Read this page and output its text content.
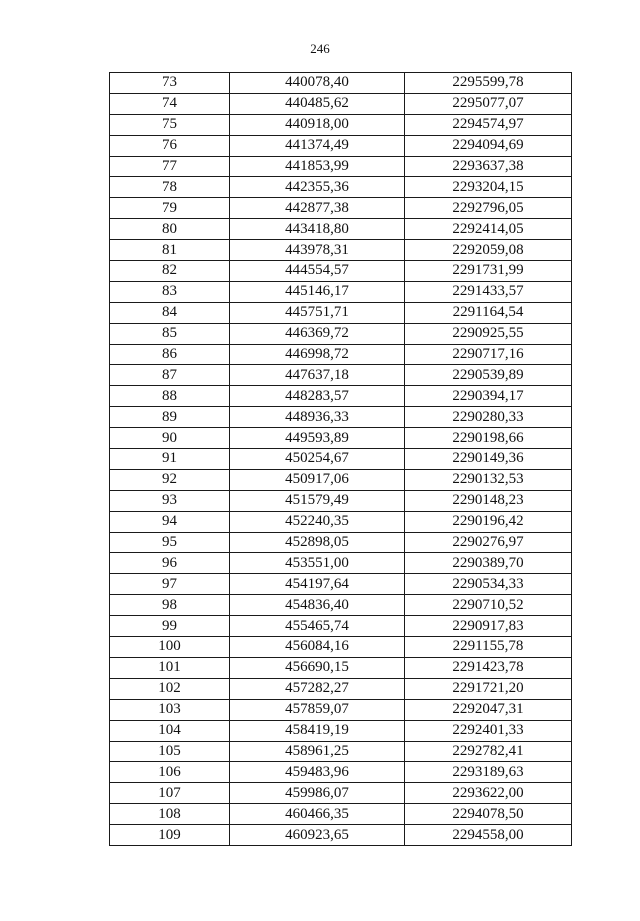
246
73	440078,40	2295599,78
74	440485,62	2295077,07
75	440918,00	2294574,97
76	441374,49	2294094,69
77	441853,99	2293637,38
78	442355,36	2293204,15
79	442877,38	2292796,05
80	443418,80	2292414,05
81	443978,31	2292059,08
82	444554,57	2291731,99
83	445146,17	2291433,57
84	445751,71	2291164,54
85	446369,72	2290925,55
86	446998,72	2290717,16
87	447637,18	2290539,89
88	448283,57	2290394,17
89	448936,33	2290280,33
90	449593,89	2290198,66
91	450254,67	2290149,36
92	450917,06	2290132,53
93	451579,49	2290148,23
94	452240,35	2290196,42
95	452898,05	2290276,97
96	453551,00	2290389,70
97	454197,64	2290534,33
98	454836,40	2290710,52
99	455465,74	2290917,83
100	456084,16	2291155,78
101	456690,15	2291423,78
102	457282,27	2291721,20
103	457859,07	2292047,31
104	458419,19	2292401,33
105	458961,25	2292782,41
106	459483,96	2293189,63
107	459986,07	2293622,00
108	460466,35	2294078,50
109	460923,65	2294558,00
